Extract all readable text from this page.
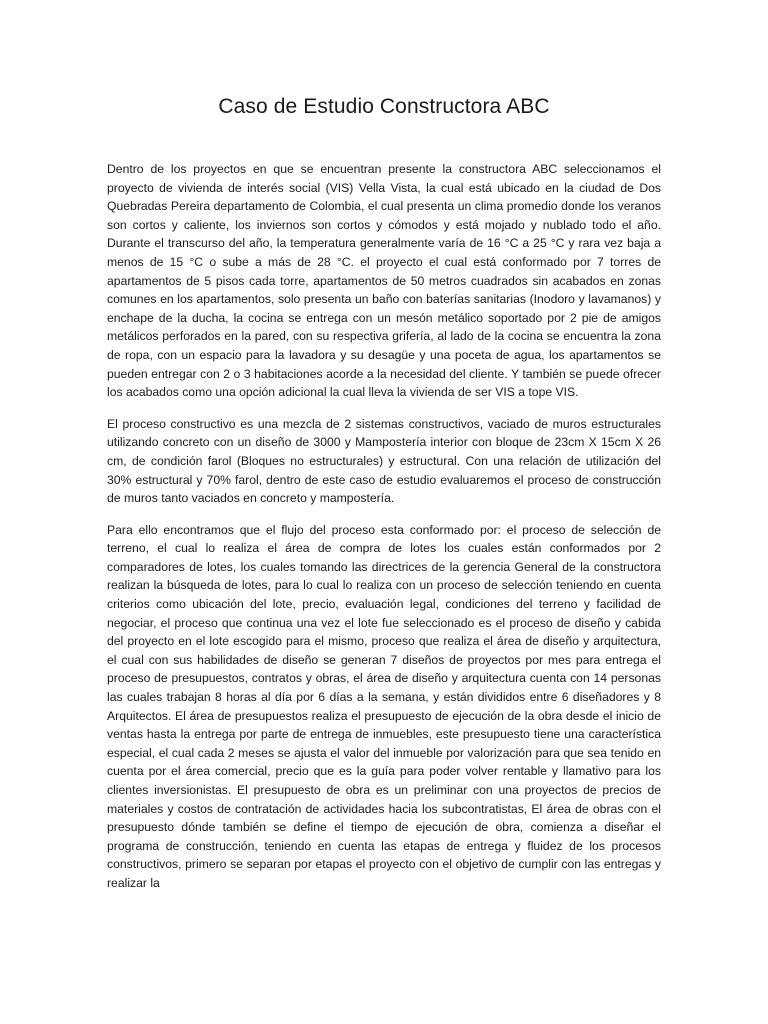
Caso de Estudio Constructora ABC

Dentro de los proyectos en que se encuentran presente la constructora ABC seleccionamos el proyecto de vivienda de interés social (VIS) Vella Vista, la cual está ubicado en la ciudad de Dos Quebradas Pereira departamento de Colombia, el cual presenta un clima promedio donde los veranos son cortos y caliente, los inviernos son cortos y cómodos y está mojado y nublado todo el año. Durante el transcurso del año, la temperatura generalmente varía de 16 °C a 25 °C y rara vez baja a menos de 15 °C o sube a más de 28 °C. el proyecto el cual está conformado por 7 torres de apartamentos de 5 pisos cada torre, apartamentos de 50 metros cuadrados sin acabados en zonas comunes en los apartamentos, solo presenta un baño con baterías sanitarias (Inodoro y lavamanos) y enchape de la ducha, la cocina se entrega con un mesón metálico soportado por 2 pie de amigos metálicos perforados en la pared, con su respectiva grifería, al lado de la cocina se encuentra la zona de ropa, con un espacio para la lavadora y su desagüe y una poceta de agua, los apartamentos se pueden entregar con 2 o 3 habitaciones acorde a la necesidad del cliente. Y también se puede ofrecer los acabados como una opción adicional la cual lleva la vivienda de ser VIS a tope VIS.

El proceso constructivo es una mezcla de 2 sistemas constructivos, vaciado de muros estructurales utilizando concreto con un diseño de 3000 y Mampostería interior con bloque de 23cm X 15cm X 26 cm, de condición farol (Bloques no estructurales) y estructural. Con una relación de utilización del 30% estructural y 70% farol, dentro de este caso de estudio evaluaremos el proceso de construcción de muros tanto vaciados en concreto y mampostería.

Para ello encontramos que el flujo del proceso esta conformado por: el proceso de selección de terreno, el cual lo realiza el área de compra de lotes los cuales están conformados por 2 comparadores de lotes, los cuales tomando las directrices de la gerencia General de la constructora realizan la búsqueda de lotes, para lo cual lo realiza con un proceso de selección teniendo en cuenta criterios como ubicación del lote, precio, evaluación legal, condiciones del terreno y facilidad de negociar, el proceso que continua una vez el lote fue seleccionado es el proceso de diseño y cabida del proyecto en el lote escogido para el mismo, proceso que realiza el área de diseño y arquitectura, el cual con sus habilidades de diseño se generan 7 diseños de proyectos por mes para entrega el proceso de presupuestos, contratos y obras, el área de diseño y arquitectura cuenta con 14 personas las cuales trabajan 8 horas al día por 6 días a la semana, y están divididos entre 6 diseñadores y 8 Arquitectos. El área de presupuestos realiza el presupuesto de ejecución de la obra desde el inicio de ventas hasta la entrega por parte de entrega de inmuebles, este presupuesto tiene una característica especial, el cual cada 2 meses se ajusta el valor del inmueble por valorización para que sea tenido en cuenta por el área comercial, precio que es la guía para poder volver rentable y llamativo para los clientes inversionistas. El presupuesto de obra es un preliminar con una proyectos de precios de materiales y costos de contratación de actividades hacia los subcontratistas, El área de obras con el presupuesto dónde también se define el tiempo de ejecución de obra, comienza a diseñar el programa de construcción, teniendo en cuenta las etapas de entrega y fluidez de los procesos constructivos, primero se separan por etapas el proyecto con el objetivo de cumplir con las entregas y realizar la
